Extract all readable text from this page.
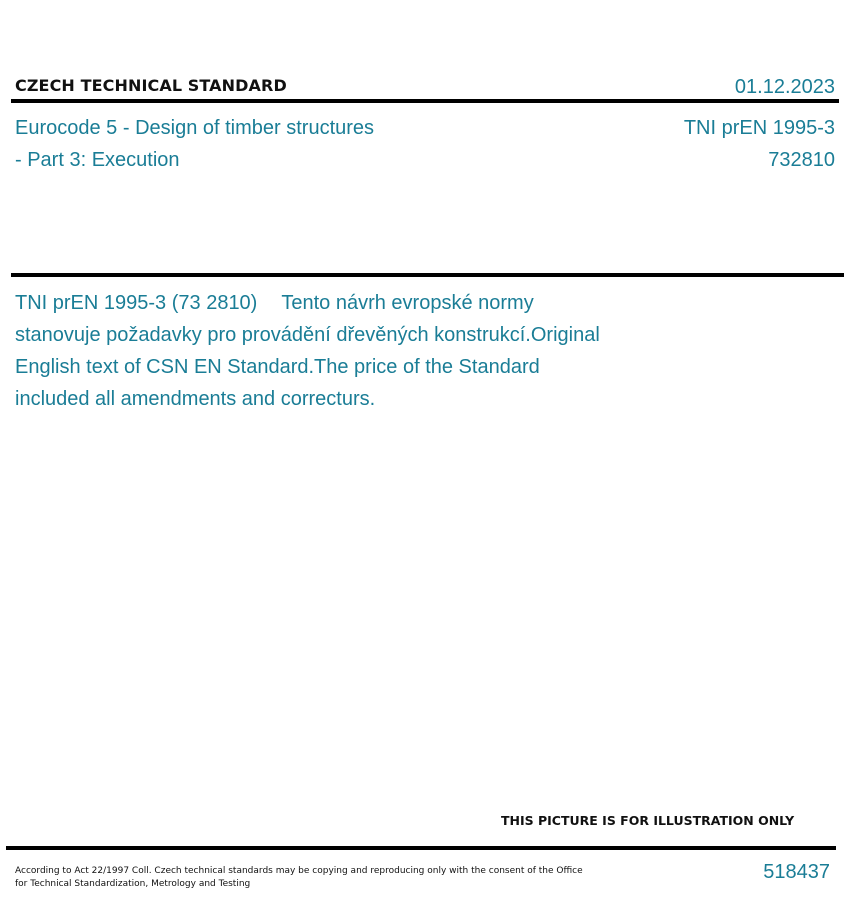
CZECH TECHNICAL STANDARD	01.12.2023
Eurocode 5 - Design of timber structures
- Part 3: Execution
TNI prEN 1995-3
732810
TNI prEN 1995-3 (73 2810) Tento návrh evropské normy
stanovuje požadavky pro provádění dřevěných konstrukcí.Original
English text of CSN EN Standard.The price of the Standard
included all amendments and correcturs.
THIS PICTURE IS FOR ILLUSTRATION ONLY
According to Act 22/1997 Coll. Czech technical standards may be copying and reproducing only with the consent of the Office
for Technical Standardization, Metrology and Testing
518437
